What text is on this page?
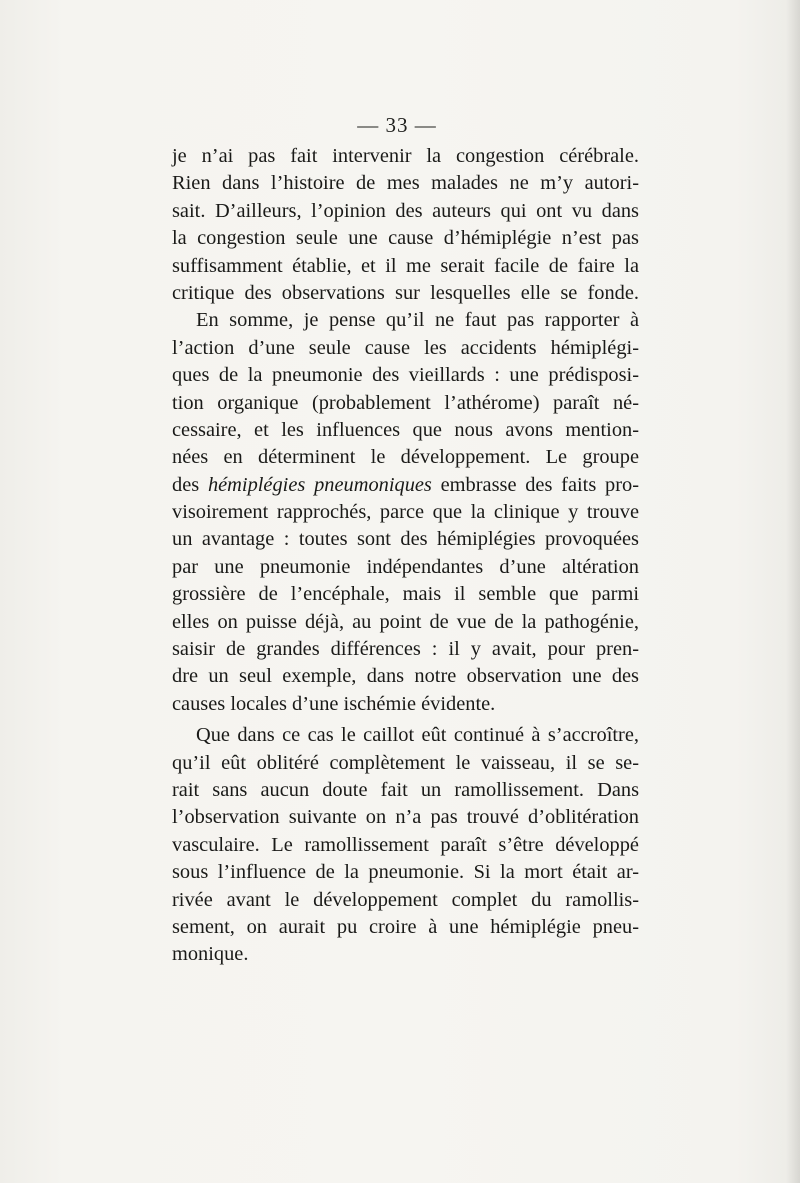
— 33 —
je n’ai pas fait intervenir la congestion cérébrale.
Rien dans l’histoire de mes malades ne m’y autori-
sait. D’ailleurs, l’opinion des auteurs qui ont vu dans
la congestion seule une cause d’hémiplégie n’est pas
suffisamment établie, et il me serait facile de faire la
critique des observations sur lesquelles elle se fonde.
En somme, je pense qu’il ne faut pas rapporter à
l’action d’une seule cause les accidents hémiplégi-
ques de la pneumonie des vieillards : une prédisposi-
tion organique (probablement l’athérome) paraît né-
cessaire, et les influences que nous avons mention-
nées en déterminent le développement. Le groupe
des hémiplégies pneumoniques embrasse des faits pro-
visoirement rapprochés, parce que la clinique y trouve
un avantage : toutes sont des hémiplégies provoquées
par une pneumonie indépendantes d’une altération
grossière de l’encéphale, mais il semble que parmi
elles on puisse déjà, au point de vue de la pathogénie,
saisir de grandes différences : il y avait, pour pren-
dre un seul exemple, dans notre observation une des
causes locales d’une ischémie évidente.
Que dans ce cas le caillot eût continué à s’accroître,
qu’il eût oblitéré complètement le vaisseau, il se se-
rait sans aucun doute fait un ramollissement. Dans
l’observation suivante on n’a pas trouvé d’oblitération
vasculaire. Le ramollissement paraît s’être développé
sous l’influence de la pneumonie. Si la mort était ar-
rivée avant le développement complet du ramollis-
sement, on aurait pu croire à une hémiplégie pneu-
monique.
